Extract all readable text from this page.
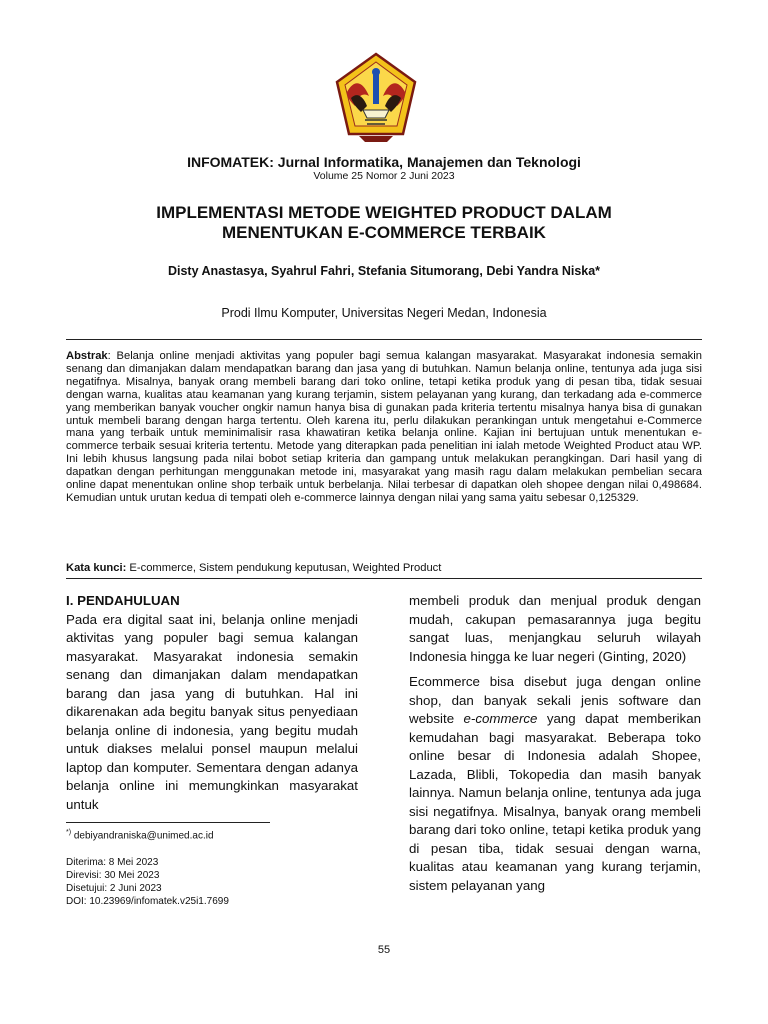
INFOMATEK: Jurnal Informatika, Manajemen dan Teknologi
Volume 25 Nomor 2 Juni 2023
IMPLEMENTASI METODE WEIGHTED PRODUCT DALAM
MENENTUKAN E-COMMERCE TERBAIK
Disty Anastasya, Syahrul Fahri, Stefania Situmorang, Debi Yandra Niska*
Prodi Ilmu Komputer, Universitas Negeri Medan, Indonesia
Abstrak: Belanja online menjadi aktivitas yang populer bagi semua kalangan masyarakat. Masyarakat indonesia semakin senang dan dimanjakan dalam mendapatkan barang dan jasa yang di butuhkan. Namun belanja online, tentunya ada juga sisi negatifnya. Misalnya, banyak orang membeli barang dari toko online, tetapi ketika produk yang di pesan tiba, tidak sesuai dengan warna, kualitas atau keamanan yang kurang terjamin, sistem pelayanan yang kurang, dan terkadang ada e-commerce yang memberikan banyak voucher ongkir namun hanya bisa di gunakan pada kriteria tertentu misalnya hanya bisa di gunakan untuk membeli barang dengan harga tertentu. Oleh karena itu, perlu dilakukan perankingan untuk mengetahui e-Commerce mana yang terbaik untuk meminimalisir rasa khawatiran ketika belanja online. Kajian ini bertujuan untuk menentukan e-commerce terbaik sesuai kriteria tertentu. Metode yang diterapkan pada penelitian ini ialah metode Weighted Product atau WP. Ini lebih khusus langsung pada nilai bobot setiap kriteria dan gampang untuk melakukan perangkingan. Dari hasil yang di dapatkan dengan perhitungan menggunakan metode ini, masyarakat yang masih ragu dalam melakukan pembelian secara online dapat menentukan online shop terbaik untuk berbelanja. Nilai terbesar di dapatkan oleh shopee dengan nilai 0,498684. Kemudian untuk urutan kedua di tempati oleh e-commerce lainnya dengan nilai yang sama yaitu sebesar 0,125329.
Kata kunci: E-commerce, Sistem pendukung keputusan, Weighted Product
I. PENDAHULUAN

Pada era digital saat ini, belanja online menjadi aktivitas yang populer bagi semua kalangan masyarakat. Masyarakat indonesia semakin senang dan dimanjakan dalam mendapatkan barang dan jasa yang di butuhkan. Hal ini dikarenakan ada begitu banyak situs penyediaan belanja online di indonesia, yang begitu mudah untuk diakses melalui ponsel maupun melalui laptop dan komputer. Sementara dengan adanya belanja online ini memungkinkan masyarakat untuk

membeli produk dan menjual produk dengan mudah, cakupan pemasarannya juga begitu sangat luas, menjangkau seluruh wilayah Indonesia hingga ke luar negeri (Ginting, 2020)

Ecommerce bisa disebut juga dengan online shop, dan banyak sekali jenis software dan website e-commerce yang dapat memberikan kemudahan bagi masyarakat. Beberapa toko online besar di Indonesia adalah Shopee, Lazada, Blibli, Tokopedia dan masih banyak lainnya. Namun belanja online, tentunya ada juga sisi negatifnya. Misalnya, banyak orang membeli barang dari toko online, tetapi ketika produk yang di pesan tiba, tidak sesuai dengan warna, kualitas atau keamanan yang kurang terjamin, sistem pelayanan yang

*) debiyandraniska@unimed.ac.id
Diterima: 8 Mei 2023
Direvisi: 30 Mei 2023
Disetujui: 2 Juni 2023
DOI: 10.23969/infomatek.v25i1.7699
55
